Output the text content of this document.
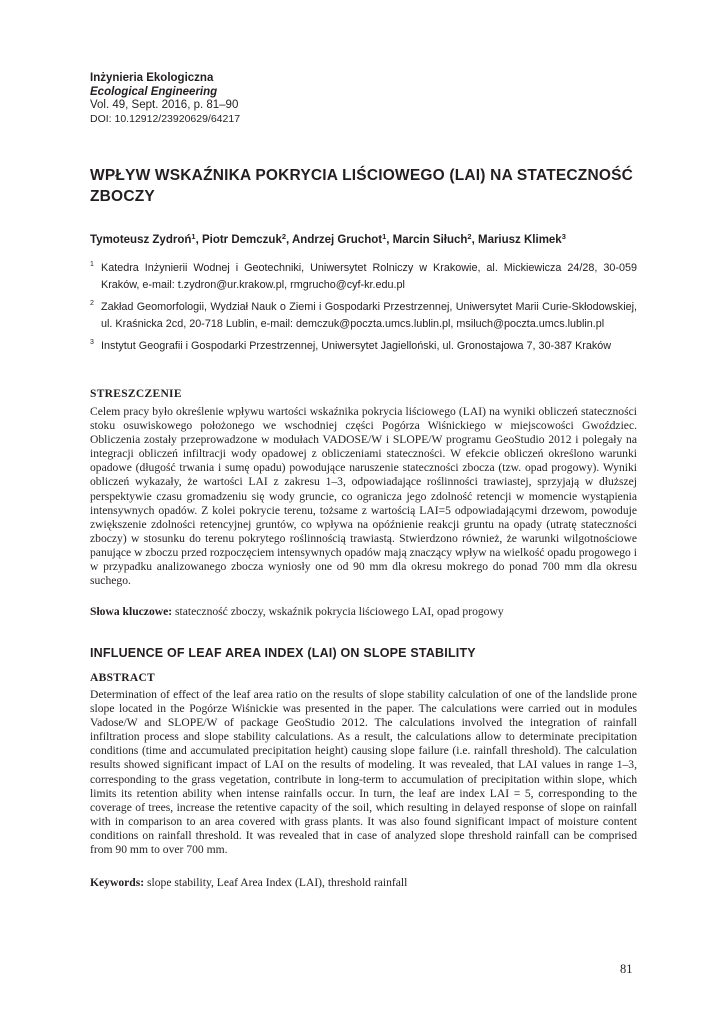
Inżynieria Ekologiczna
Ecological Engineering
Vol. 49, Sept. 2016, p. 81–90
DOI: 10.12912/23920629/64217
WPŁYW WSKAŹNIKA POKRYCIA LIŚCIOWEGO (LAI) NA STATECZNOŚĆ ZBOCZY
Tymoteusz Zydroń$^1$, Piotr Demczuk$^2$, Andrzej Gruchot$^1$, Marcin Siłuch$^2$, Mariusz Klimek$^3$
1 Katedra Inżynierii Wodnej i Geotechniki, Uniwersytet Rolniczy w Krakowie, al. Mickiewicza 24/28, 30-059 Kraków, e-mail: t.zydron@ur.krakow.pl, rmgrucho@cyf-kr.edu.pl
2 Zakład Geomorfologii, Wydział Nauk o Ziemi i Gospodarki Przestrzennej, Uniwersytet Marii Curie-Skłodowskiej, ul. Kraśnicka 2cd, 20-718 Lublin, e-mail: demczuk@poczta.umcs.lublin.pl, msiluch@poczta.umcs.lublin.pl
3 Instytut Geografii i Gospodarki Przestrzennej, Uniwersytet Jagielloński, ul. Gronostajowa 7, 30-387 Kraków
STRESZCZENIE
Celem pracy było określenie wpływu wartości wskaźnika pokrycia liściowego (LAI) na wyniki obliczeń stateczności stoku osuwiskowego położonego we wschodniej części Pogórza Wiśnickiego w miejscowości Gwoździec. Obliczenia zostały przeprowadzone w modułach VADOSE/W i SLOPE/W programu GeoStudio 2012 i polegały na integracji obliczeń infiltracji wody opadowej z obliczeniami stateczności. W efekcie obliczeń określono warunki opadowe (długość trwania i sumę opadu) powodujące naruszenie stateczności zbocza (tzw. opad progowy). Wyniki obliczeń wykazały, że wartości LAI z zakresu 1–3, odpowiadające roślinności trawiastej, sprzyjają w dłuższej perspektywie czasu gromadzeniu się wody gruncie, co ogranicza jego zdolność retencji w momencie wystąpienia intensywnych opadów. Z kolei pokrycie terenu, tożsame z wartością LAI=5 odpowiadającymi drzewom, powoduje zwiększenie zdolności retencyjnej gruntów, co wpływa na opóźnienie reakcji gruntu na opady (utratę stateczności zboczy) w stosunku do terenu pokrytego roślinnością trawiastą. Stwierdzono również, że warunki wilgotnościowe panujące w zboczu przed rozpoczęciem intensywnych opadów mają znaczący wpływ na wielkość opadu progowego i w przypadku analizowanego zbocza wyniosły one od 90 mm dla okresu mokrego do ponad 700 mm dla okresu suchego.
Słowa kluczowe: stateczność zboczy, wskaźnik pokrycia liściowego LAI, opad progowy
INFLUENCE OF LEAF AREA INDEX (LAI) ON SLOPE STABILITY
ABSTRACT
Determination of effect of the leaf area ratio on the results of slope stability calculation of one of the landslide prone slope located in the Pogórze Wiśnickie was presented in the paper. The calculations were carried out in modules Vadose/W and SLOPE/W of package GeoStudio 2012. The calculations involved the integration of rainfall infiltration process and slope stability calculations. As a result, the calculations allow to determinate precipitation conditions (time and accumulated precipitation height) causing slope failure (i.e. rainfall threshold). The calculation results showed significant impact of LAI on the results of modeling. It was revealed, that LAI values in range 1–3, corresponding to the grass vegetation, contribute in long-term to accumulation of precipitation within slope, which limits its retention ability when intense rainfalls occur. In turn, the leaf are index LAI = 5, corresponding to the coverage of trees, increase the retentive capacity of the soil, which resulting in delayed response of slope on rainfall with in comparison to an area covered with grass plants. It was also found significant impact of moisture content conditions on rainfall threshold. It was revealed that in case of analyzed slope threshold rainfall can be comprised from 90 mm to over 700 mm.
Keywords: slope stability, Leaf Area Index (LAI), threshold rainfall
81
